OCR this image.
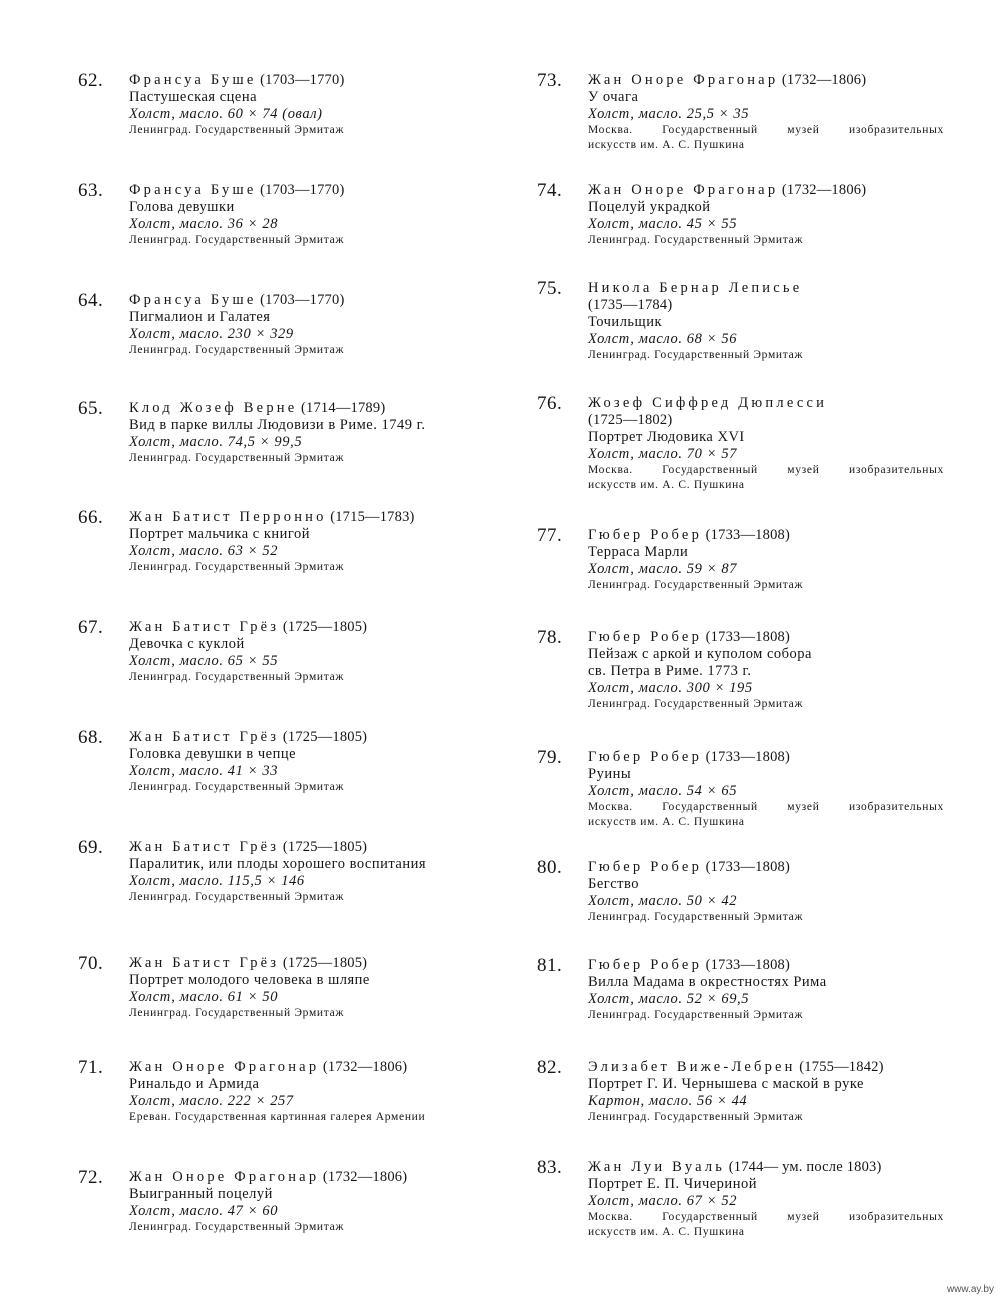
62. Франсуа Буше (1703—1770)
Пастушеская сцена
Холст, масло. 60 × 74 (овал)
Ленинград. Государственный Эрмитаж
63. Франсуа Буше (1703—1770)
Голова девушки
Холст, масло. 36 × 28
Ленинград. Государственный Эрмитаж
64. Франсуа Буше (1703—1770)
Пигмалион и Галатея
Холст, масло. 230 × 329
Ленинград. Государственный Эрмитаж
65. Клод Жозеф Верне (1714—1789)
Вид в парке виллы Людовизи в Риме. 1749 г.
Холст, масло. 74,5 × 99,5
Ленинград. Государственный Эрмитаж
66. Жан Батист Перронно (1715—1783)
Портрет мальчика с книгой
Холст, масло. 63 × 52
Ленинград. Государственный Эрмитаж
67. Жан Батист Грёз (1725—1805)
Девочка с куклой
Холст, масло. 65 × 55
Ленинград. Государственный Эрмитаж
68. Жан Батист Грёз (1725—1805)
Головка девушки в чепце
Холст, масло. 41 × 33
Ленинград. Государственный Эрмитаж
69. Жан Батист Грёз (1725—1805)
Паралитик, или плоды хорошего воспитания
Холст, масло. 115,5 × 146
Ленинград. Государственный Эрмитаж
70. Жан Батист Грёз (1725—1805)
Портрет молодого человека в шляпе
Холст, масло. 61 × 50
Ленинград. Государственный Эрмитаж
71. Жан Оноре Фрагонар (1732—1806)
Ринальдо и Армида
Холст, масло. 222 × 257
Ереван. Государственная картинная галерея Армении
72. Жан Оноре Фрагонар (1732—1806)
Выигранный поцелуй
Холст, масло. 47 × 60
Ленинград. Государственный Эрмитаж
73. Жан Оноре Фрагонар (1732—1806)
У очага
Холст, масло. 25,5 × 35
Москва. Государственный музей изобразительных
искусств им. А. С. Пушкина
74. Жан Оноре Фрагонар (1732—1806)
Поцелуй украдкой
Холст, масло. 45 × 55
Ленинград. Государственный Эрмитаж
75. Никола Бернар Леписье
(1735—1784)
Точильщик
Холст, масло. 68 × 56
Ленинград. Государственный Эрмитаж
76. Жозеф Сиффред Дюплесси
(1725—1802)
Портрет Людовика XVI
Холст, масло. 70 × 57
Москва. Государственный музей изобразительных
искусств им. А. С. Пушкина
77. Гюбер Робер (1733—1808)
Терраса Марли
Холст, масло. 59 × 87
Ленинград. Государственный Эрмитаж
78. Гюбер Робер (1733—1808)
Пейзаж с аркой и куполом собора
св. Петра в Риме. 1773 г.
Холст, масло. 300 × 195
Ленинград. Государственный Эрмитаж
79. Гюбер Робер (1733—1808)
Руины
Холст, масло. 54 × 65
Москва. Государственный музей изобразительных
искусств им. А. С. Пушкина
80. Гюбер Робер (1733—1808)
Бегство
Холст, масло. 50 × 42
Ленинград. Государственный Эрмитаж
81. Гюбер Робер (1733—1808)
Вилла Мадама в окрестностях Рима
Холст, масло. 52 × 69,5
Ленинград. Государственный Эрмитаж
82. Элизабет Виже-Лебрен (1755—1842)
Портрет Г. И. Чернышева с маской в руке
Картон, масло. 56 × 44
Ленинград. Государственный Эрмитаж
83. Жан Луи Вуаль (1744— ум. после 1803)
Портрет Е. П. Чичериной
Холст, масло. 67 × 52
Москва. Государственный музей изобразительных
искусств им. А. С. Пушкина
www.ay.by
